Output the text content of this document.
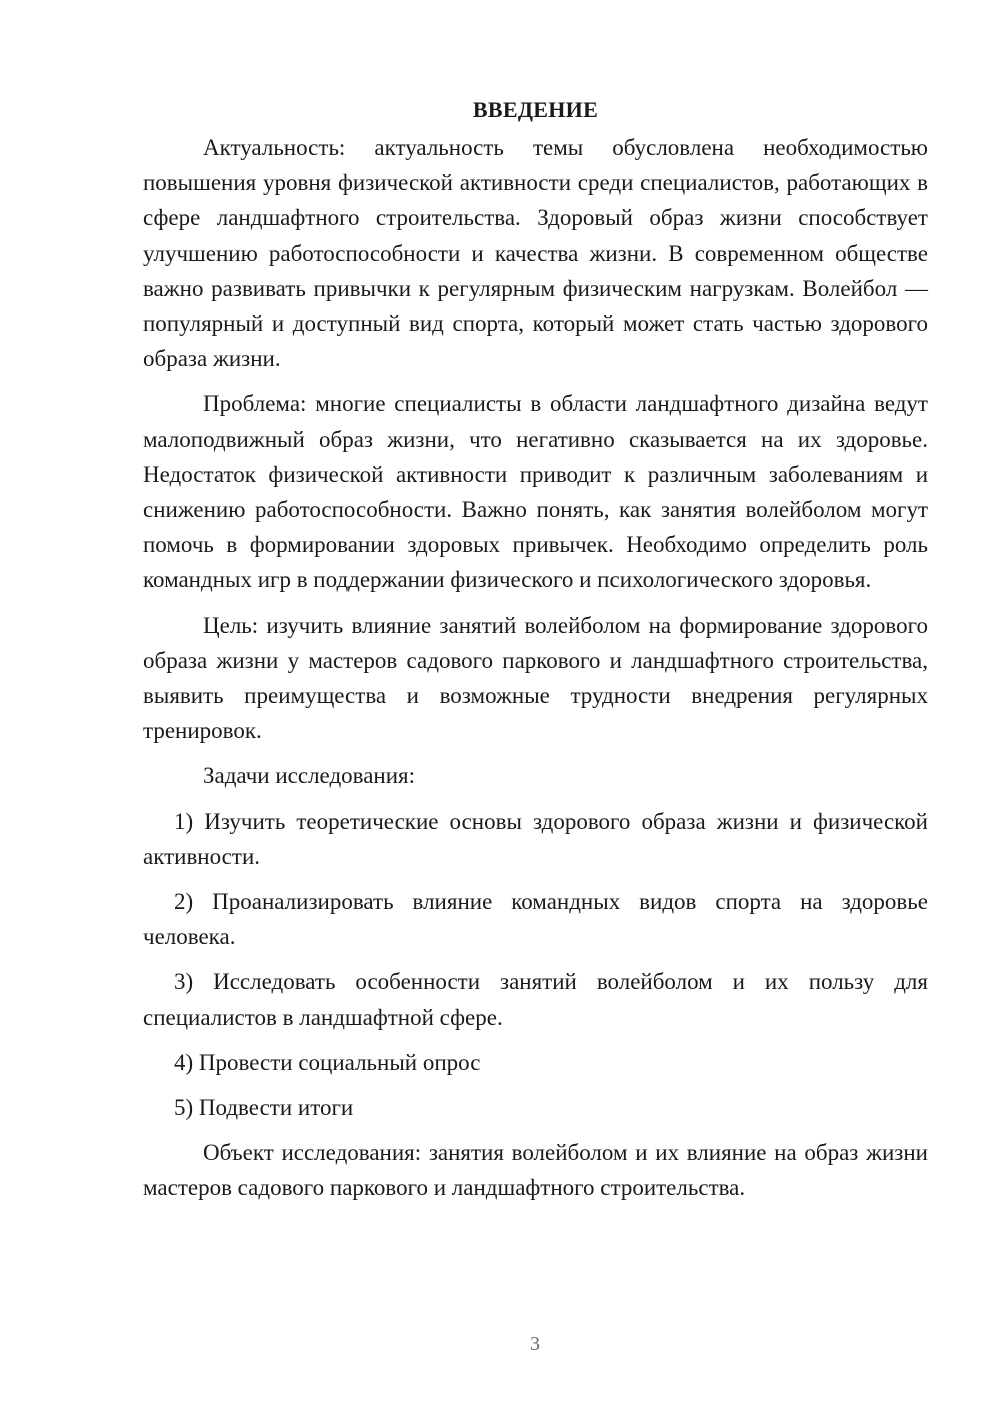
ВВЕДЕНИЕ

Актуальность: актуальность темы обусловлена необходимостью повышения уровня физической активности среди специалистов, работающих в сфере ландшафтного строительства. Здоровый образ жизни способствует улучшению работоспособности и качества жизни. В современном обществе важно развивать привычки к регулярным физическим нагрузкам. Волейбол — популярный и доступный вид спорта, который может стать частью здорового образа жизни.

Проблема: многие специалисты в области ландшафтного дизайна ведут малоподвижный образ жизни, что негативно сказывается на их здоровье. Недостаток физической активности приводит к различным заболеваниям и снижению работоспособности. Важно понять, как занятия волейболом могут помочь в формировании здоровых привычек. Необходимо определить роль командных игр в поддержании физического и психологического здоровья.

Цель: изучить влияние занятий волейболом на формирование здорового образа жизни у мастеров садового паркового и ландшафтного строительства, выявить преимущества и возможные трудности внедрения регулярных тренировок.

Задачи исследования:

1) Изучить теоретические основы здорового образа жизни и физической активности.

2) Проанализировать влияние командных видов спорта на здоровье человека.

3) Исследовать особенности занятий волейболом и их пользу для специалистов в ландшафтной сфере.

4) Провести социальный опрос

5) Подвести итоги

Объект исследования: занятия волейболом и их влияние на образ жизни мастеров садового паркового и ландшафтного строительства.

3
